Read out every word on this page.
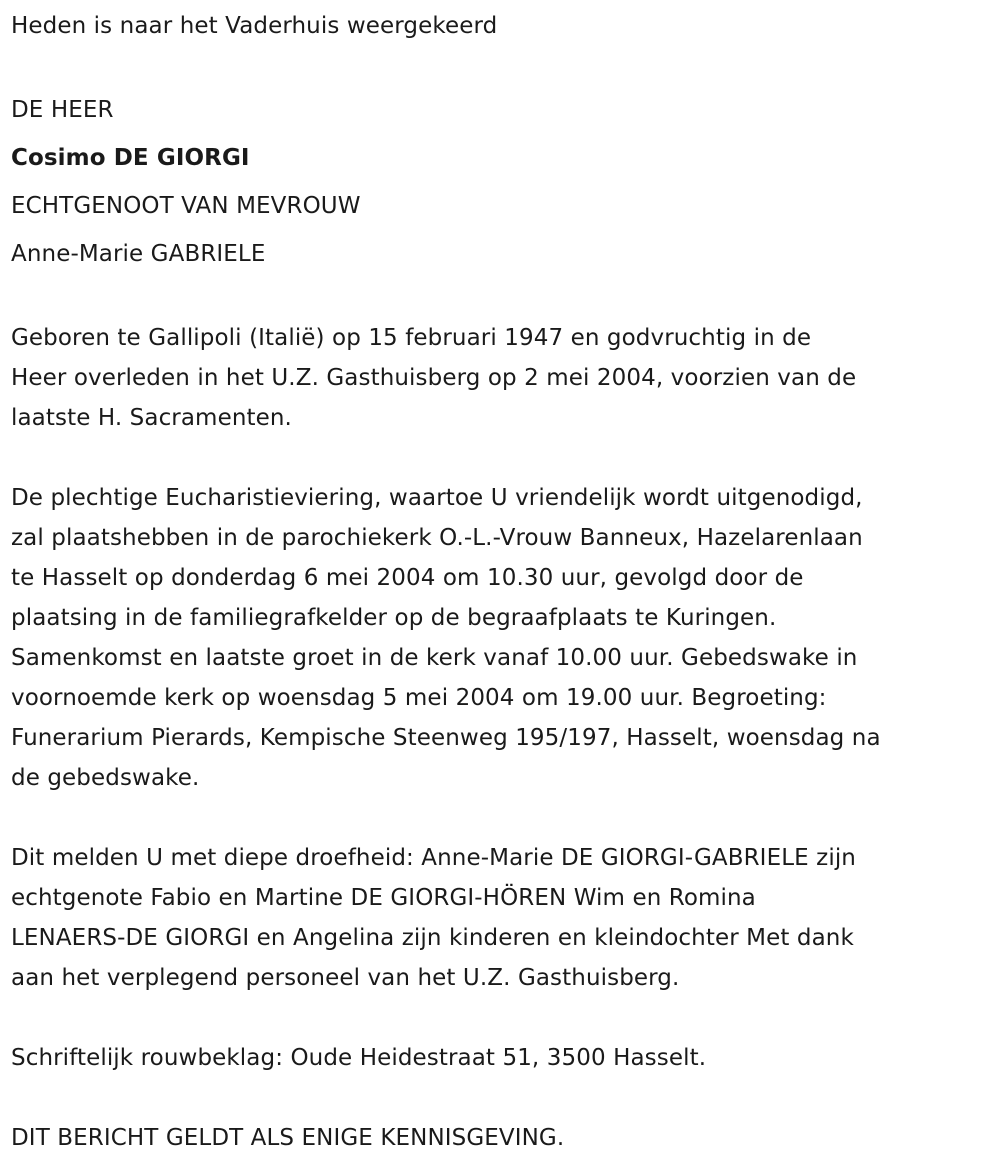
Heden is naar het Vaderhuis weergekeerd
DE HEER
Cosimo DE GIORGI
ECHTGENOOT VAN MEVROUW
Anne-Marie GABRIELE
Geboren te Gallipoli (Italië) op 15 februari 1947 en godvruchtig in de
Heer overleden in het U.Z. Gasthuisberg op 2 mei 2004, voorzien van de
laatste H. Sacramenten.
De plechtige Eucharistieviering, waartoe U vriendelijk wordt uitgenodigd,
zal plaatshebben in de parochiekerk O.-L.-Vrouw Banneux, Hazelarenlaan
te Hasselt op donderdag 6 mei 2004 om 10.30 uur, gevolgd door de
plaatsing in de familiegrafkelder op de begraafplaats te Kuringen.
Samenkomst en laatste groet in de kerk vanaf 10.00 uur. Gebedswake in
voornoemde kerk op woensdag 5 mei 2004 om 19.00 uur. Begroeting:
Funerarium Pierards, Kempische Steenweg 195/197, Hasselt, woensdag na
de gebedswake.
Dit melden U met diepe droefheid: Anne-Marie DE GIORGI-GABRIELE zijn
echtgenote Fabio en Martine DE GIORGI-HÖREN Wim en Romina
LENAERS-DE GIORGI en Angelina zijn kinderen en kleindochter Met dank
aan het verplegend personeel van het U.Z. Gasthuisberg.
Schriftelijk rouwbeklag: Oude Heidestraat 51, 3500 Hasselt.
DIT BERICHT GELDT ALS ENIGE KENNISGEVING.
